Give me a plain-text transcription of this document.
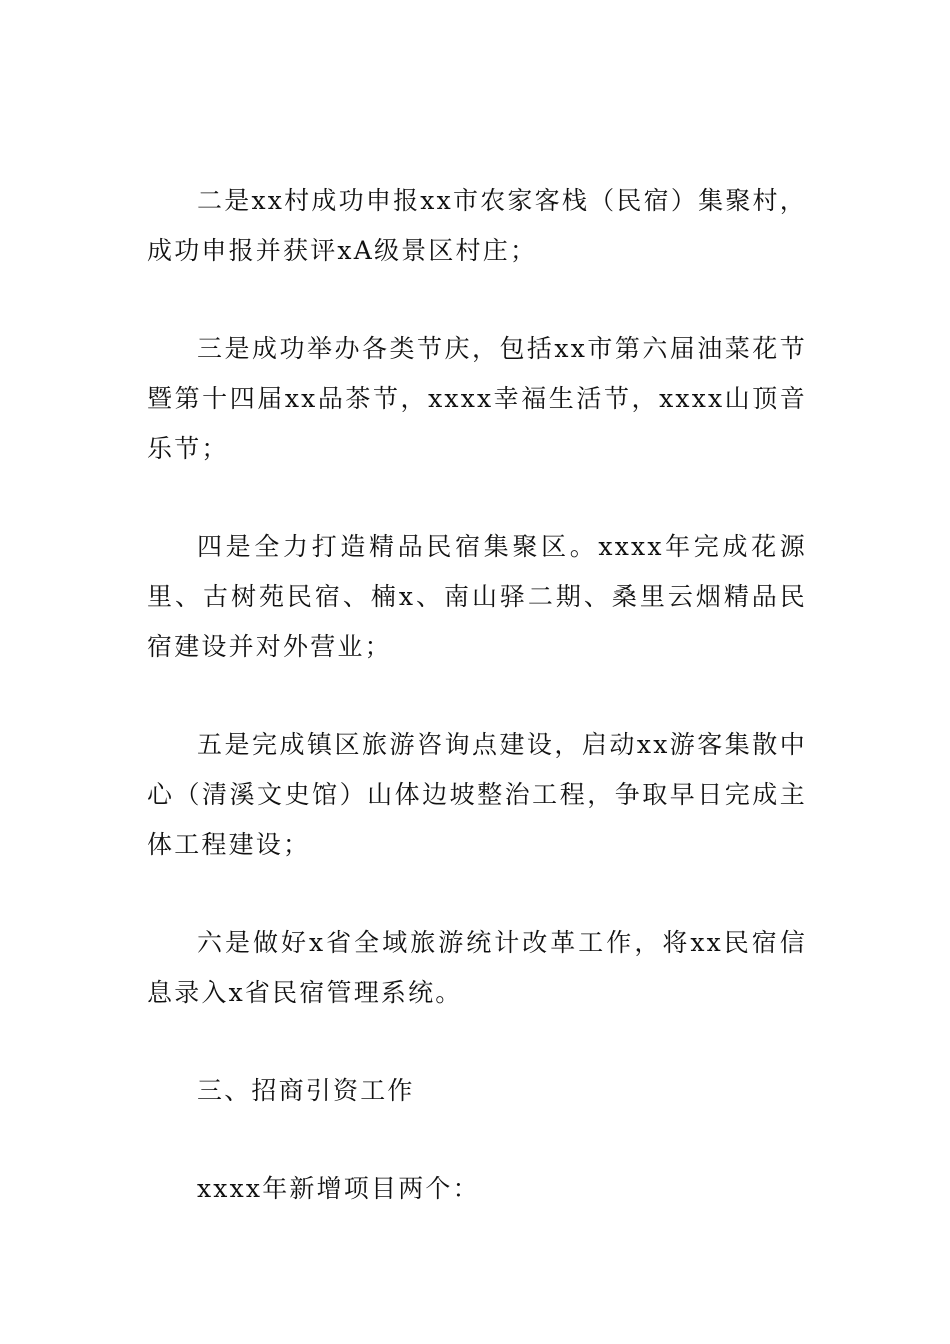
二是xx村成功申报xx市农家客栈（民宿）集聚村，成功申报并获评xA级景区村庄；

三是成功举办各类节庆，包括xx市第六届油菜花节暨第十四届xx品茶节，xxxx幸福生活节，xxxx山顶音乐节；

四是全力打造精品民宿集聚区。xxxx年完成花源里、古树苑民宿、楠x、南山驿二期、桑里云烟精品民宿建设并对外营业；

五是完成镇区旅游咨询点建设，启动xx游客集散中心（清溪文史馆）山体边坡整治工程，争取早日完成主体工程建设；

六是做好x省全域旅游统计改革工作，将xx民宿信息录入x省民宿管理系统。

三、招商引资工作

xxxx年新增项目两个：
